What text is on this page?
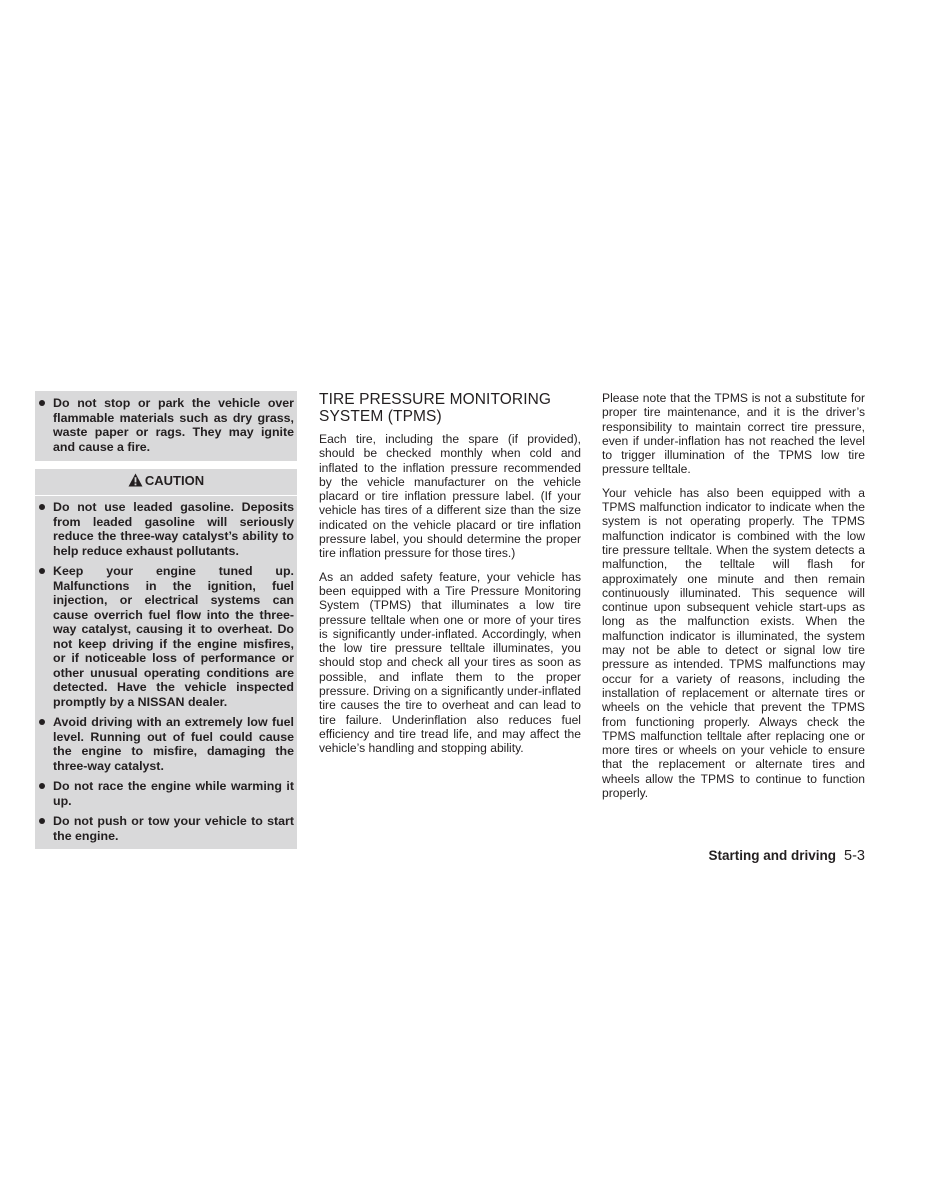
Do not stop or park the vehicle over flammable materials such as dry grass, waste paper or rags. They may ignite and cause a fire.
CAUTION
Do not use leaded gasoline. Deposits from leaded gasoline will seriously reduce the three-way catalyst’s ability to help reduce exhaust pollutants.
Keep your engine tuned up. Malfunctions in the ignition, fuel injection, or electrical systems can cause overrich fuel flow into the three-way catalyst, causing it to overheat. Do not keep driving if the engine misfires, or if noticeable loss of performance or other unusual operating conditions are detected. Have the vehicle inspected promptly by a NISSAN dealer.
Avoid driving with an extremely low fuel level. Running out of fuel could cause the engine to misfire, damaging the three-way catalyst.
Do not race the engine while warming it up.
Do not push or tow your vehicle to start the engine.
TIRE PRESSURE MONITORING SYSTEM (TPMS)

Each tire, including the spare (if provided), should be checked monthly when cold and inflated to the inflation pressure recommended by the vehicle manufacturer on the vehicle placard or tire inflation pressure label. (If your vehicle has tires of a different size than the size indicated on the vehicle placard or tire inflation pressure label, you should determine the proper tire inflation pressure for those tires.)

As an added safety feature, your vehicle has been equipped with a Tire Pressure Monitoring System (TPMS) that illuminates a low tire pressure telltale when one or more of your tires is significantly under-inflated. Accordingly, when the low tire pressure telltale illuminates, you should stop and check all your tires as soon as possible, and inflate them to the proper pressure. Driving on a significantly under-inflated tire causes the tire to overheat and can lead to tire failure. Underinflation also reduces fuel efficiency and tire tread life, and may affect the vehicle’s handling and stopping ability.

Please note that the TPMS is not a substitute for proper tire maintenance, and it is the driver’s responsibility to maintain correct tire pressure, even if under-inflation has not reached the level to trigger illumination of the TPMS low tire pressure telltale.

Your vehicle has also been equipped with a TPMS malfunction indicator to indicate when the system is not operating properly. The TPMS malfunction indicator is combined with the low tire pressure telltale. When the system detects a malfunction, the telltale will flash for approximately one minute and then remain continuously illuminated. This sequence will continue upon subsequent vehicle start-ups as long as the malfunction exists. When the malfunction indicator is illuminated, the system may not be able to detect or signal low tire pressure as intended. TPMS malfunctions may occur for a variety of reasons, including the installation of replacement or alternate tires or wheels on the vehicle that prevent the TPMS from functioning properly. Always check the TPMS malfunction telltale after replacing one or more tires or wheels on your vehicle to ensure that the replacement or alternate tires and wheels allow the TPMS to continue to function properly.

Starting and driving 5-3
